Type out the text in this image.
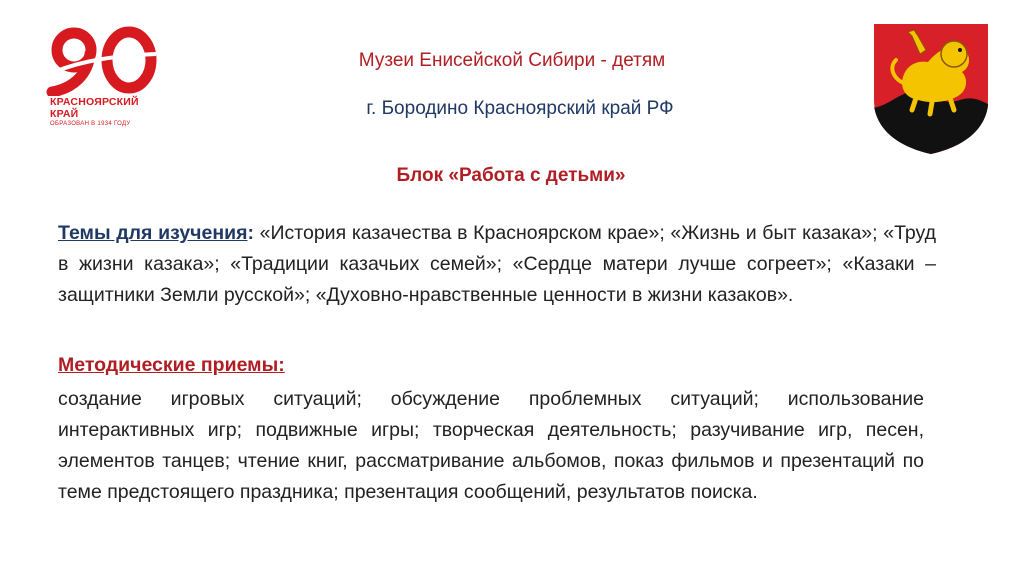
КРАСНОЯРСКИЙ
КРАЙ
ОБРАЗОВАН В 1934 ГОДУ
Музеи Енисейской Сибири - детям
г. Бородино Красноярский край РФ
Блок «Работа с детьми»
Темы для изучения: «История казачества в Красноярском крае»; «Жизнь и быт казака»; «Труд в жизни казака»; «Традиции казачьих семей»; «Сердце матери лучше согреет»; «Казаки – защитники Земли русской»; «Духовно-нравственные ценности в жизни казаков».
Методические приемы:
создание игровых ситуаций; обсуждение проблемных ситуаций; использование интерактивных игр; подвижные игры; творческая деятельность; разучивание игр, песен, элементов танцев; чтение книг, рассматривание альбомов, показ фильмов и презентаций по теме предстоящего праздника; презентация сообщений, результатов поиска.
